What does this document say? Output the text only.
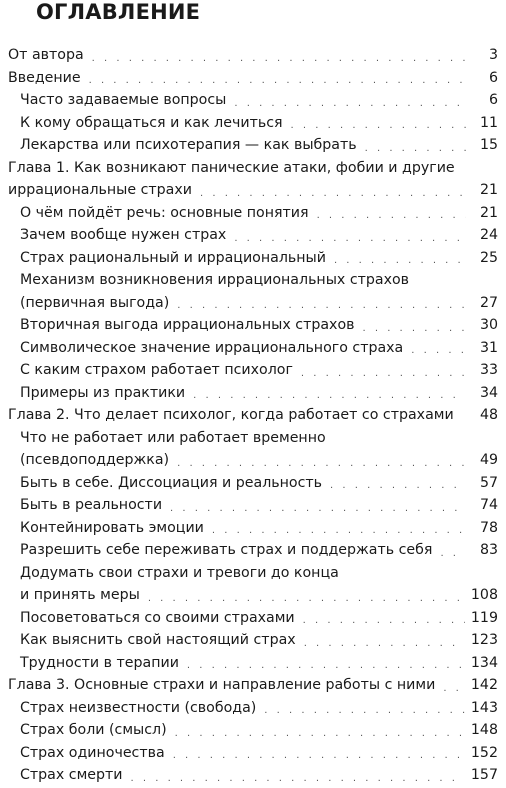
ОГЛАВЛЕНИЕ
От автора . . .	3
Введение . . .	6
Часто задаваемые вопросы . . .	6
К кому обращаться и как лечиться . . .	11
Лекарства или психотерапия — как выбрать . . .	15
Глава 1. Как возникают панические атаки, фобии и другие
иррациональные страхи . . .	21
О чём пойдёт речь: основные понятия . . .	21
Зачем вообще нужен страх . . .	24
Страх рациональный и иррациональный . . .	25
Механизм возникновения иррациональных страхов
(первичная выгода) . . .	27
Вторичная выгода иррациональных страхов . . .	30
Символическое значение иррационального страха . . .	31
С каким страхом работает психолог . . .	33
Примеры из практики . . .	34
Глава 2. Что делает психолог, когда работает со страхами	48
Что не работает или работает временно
(псевдоподдержка) . . .	49
Быть в себе. Диссоциация и реальность . . .	57
Быть в реальности . . .	74
Контейнировать эмоции . . .	78
Разрешить себе переживать страх и поддержать себя . . .	83
Додумать свои страхи и тревоги до конца
и принять меры . . .	108
Посоветоваться со своими страхами . . .	119
Как выяснить свой настоящий страх . . .	123
Трудности в терапии . . .	134
Глава 3. Основные страхи и направление работы с ними . . .	142
Страх неизвестности (свобода) . . .	143
Страх боли (смысл) . . .	148
Страх одиночества . . .	152
Страх смерти . . .	157
